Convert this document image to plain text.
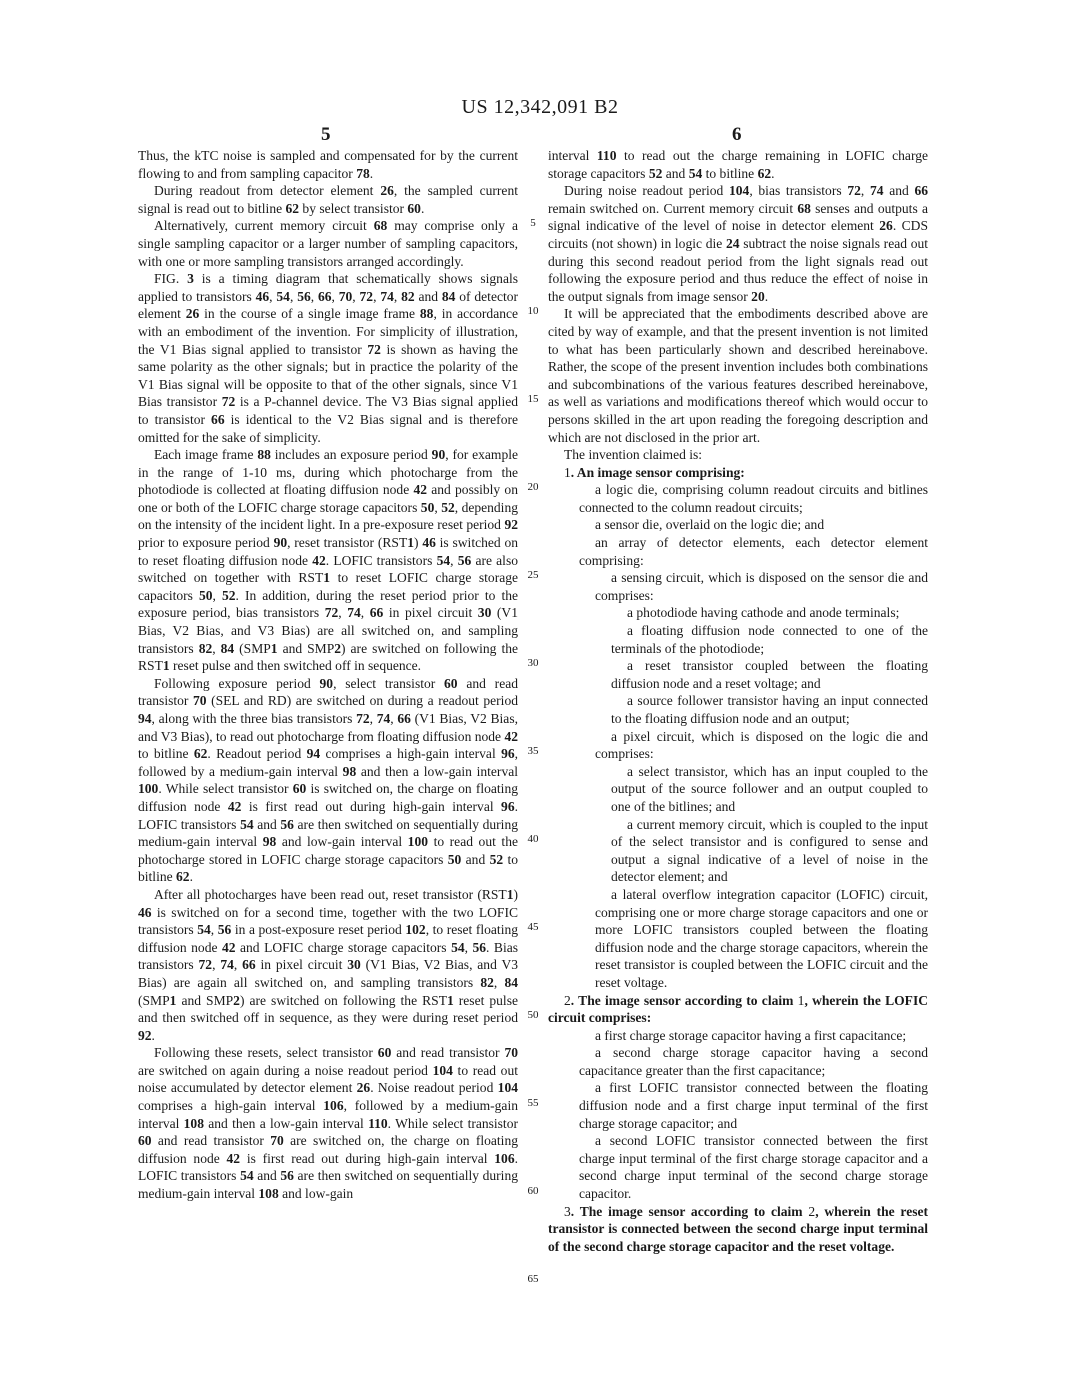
US 12,342,091 B2
5	6

Thus, the kTC noise is sampled and compensated for by the current flowing to and from sampling capacitor 78.

During readout from detector element 26, the sampled current signal is read out to bitline 62 by select transistor 60.

Alternatively, current memory circuit 68 may comprise only a single sampling capacitor or a larger number of sampling capacitors, with one or more sampling transistors arranged accordingly.

FIG. 3 is a timing diagram that schematically shows signals applied to transistors 46, 54, 56, 66, 70, 72, 74, 82 and 84 of detector element 26 in the course of a single image frame 88, in accordance with an embodiment of the invention. For simplicity of illustration, the V1 Bias signal applied to transistor 72 is shown as having the same polarity as the other signals; but in practice the polarity of the V1 Bias signal will be opposite to that of the other signals, since V1 Bias transistor 72 is a P-channel device. The V3 Bias signal applied to transistor 66 is identical to the V2 Bias signal and is therefore omitted for the sake of simplicity.

Each image frame 88 includes an exposure period 90, for example in the range of 1-10 ms, during which photocharge from the photodiode is collected at floating diffusion node 42 and possibly on one or both of the LOFIC charge storage capacitors 50, 52, depending on the intensity of the incident light. In a pre-exposure reset period 92 prior to exposure period 90, reset transistor (RST1) 46 is switched on to reset floating diffusion node 42. LOFIC transistors 54, 56 are also switched on together with RST1 to reset LOFIC charge storage capacitors 50, 52. In addition, during the reset period prior to the exposure period, bias transistors 72, 74, 66 in pixel circuit 30 (V1 Bias, V2 Bias, and V3 Bias) are all switched on, and sampling transistors 82, 84 (SMP1 and SMP2) are switched on following the RST1 reset pulse and then switched off in sequence.

Following exposure period 90, select transistor 60 and read transistor 70 (SEL and RD) are switched on during a readout period 94, along with the three bias transistors 72, 74, 66 (V1 Bias, V2 Bias, and V3 Bias), to read out photocharge from floating diffusion node 42 to bitline 62. Readout period 94 comprises a high-gain interval 96, followed by a medium-gain interval 98 and then a low-gain interval 100. While select transistor 60 is switched on, the charge on floating diffusion node 42 is first read out during high-gain interval 96. LOFIC transistors 54 and 56 are then switched on sequentially during medium-gain interval 98 and low-gain interval 100 to read out the photocharge stored in LOFIC charge storage capacitors 50 and 52 to bitline 62.

After all photocharges have been read out, reset transistor (RST1) 46 is switched on for a second time, together with the two LOFIC transistors 54, 56 in a post-exposure reset period 102, to reset floating diffusion node 42 and LOFIC charge storage capacitors 54, 56. Bias transistors 72, 74, 66 in pixel circuit 30 (V1 Bias, V2 Bias, and V3 Bias) are again all switched on, and sampling transistors 82, 84 (SMP1 and SMP2) are switched on following the RST1 reset pulse and then switched off in sequence, as they were during reset period 92.

Following these resets, select transistor 60 and read transistor 70 are switched on again during a noise readout period 104 to read out noise accumulated by detector element 26. Noise readout period 104 comprises a high-gain interval 106, followed by a medium-gain interval 108 and then a low-gain interval 110. While select transistor 60 and read transistor 70 are switched on, the charge on floating diffusion node 42 is first read out during high-gain interval 106. LOFIC transistors 54 and 56 are then switched on sequentially during medium-gain interval 108 and low-gain

5
10
15
20
25
30
35
40
45
50
55
60
65

interval 110 to read out the charge remaining in LOFIC charge storage capacitors 52 and 54 to bitline 62.

During noise readout period 104, bias transistors 72, 74 and 66 remain switched on. Current memory circuit 68 senses and outputs a signal indicative of the level of noise in detector element 26. CDS circuits (not shown) in logic die 24 subtract the noise signals read out during this second readout period from the light signals read out following the exposure period and thus reduce the effect of noise in the output signals from image sensor 20.

It will be appreciated that the embodiments described above are cited by way of example, and that the present invention is not limited to what has been particularly shown and described hereinabove. Rather, the scope of the present invention includes both combinations and subcombinations of the various features described hereinabove, as well as variations and modifications thereof which would occur to persons skilled in the art upon reading the foregoing description and which are not disclosed in the prior art.

The invention claimed is:

1. An image sensor comprising:

a logic die, comprising column readout circuits and bitlines connected to the column readout circuits;

a sensor die, overlaid on the logic die; and

an array of detector elements, each detector element comprising:

a sensing circuit, which is disposed on the sensor die and comprises:

a photodiode having cathode and anode terminals;

a floating diffusion node connected to one of the terminals of the photodiode;

a reset transistor coupled between the floating diffusion node and a reset voltage; and

a source follower transistor having an input connected to the floating diffusion node and an output;

a pixel circuit, which is disposed on the logic die and comprises:

a select transistor, which has an input coupled to the output of the source follower and an output coupled to one of the bitlines; and

a current memory circuit, which is coupled to the input of the select transistor and is configured to sense and output a signal indicative of a level of noise in the detector element; and

a lateral overflow integration capacitor (LOFIC) circuit, comprising one or more charge storage capacitors and one or more LOFIC transistors coupled between the floating diffusion node and the charge storage capacitors, wherein the reset transistor is coupled between the LOFIC circuit and the reset voltage.

2. The image sensor according to claim 1, wherein the LOFIC circuit comprises:

a first charge storage capacitor having a first capacitance;

a second charge storage capacitor having a second capacitance greater than the first capacitance;

a first LOFIC transistor connected between the floating diffusion node and a first charge input terminal of the first charge storage capacitor; and

a second LOFIC transistor connected between the first charge input terminal of the first charge storage capacitor and a second charge input terminal of the second charge storage capacitor.

3. The image sensor according to claim 2, wherein the reset transistor is connected between the second charge input terminal of the second charge storage capacitor and the reset voltage.
